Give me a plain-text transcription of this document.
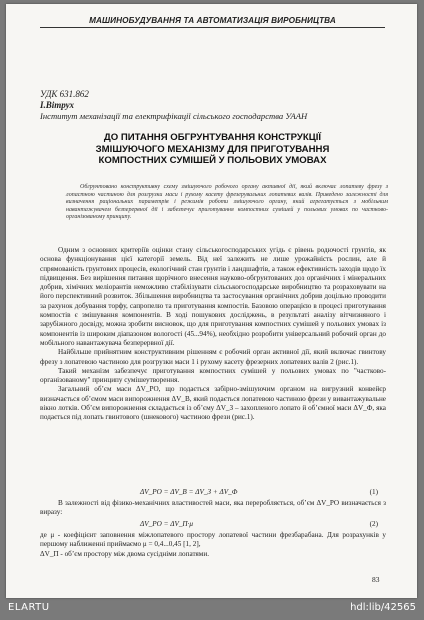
МАШИНОБУДУВАННЯ ТА АВТОМАТИЗАЦІЯ ВИРОБНИЦТВА
УДК 631.862
І.Вітрух
Інститут механізації та електрифікації сільського господарства УААН
ДО ПИТАННЯ ОБГРУНТУВАННЯ КОНСТРУКЦІЇ
ЗМІШУЮЧОГО МЕХАНІЗМУ ДЛЯ ПРИГОТУВАННЯ
КОМПОСТНИХ СУМІШЕЙ У ПОЛЬОВИХ УМОВАХ

Обгрунтовано конструктивну схему змішуючого робочого органу активної дії, який включає лопатеву фрезу з лопастною частиною для розгрузки маси і рухому касету фрезерувальних лопатевих валів. Приведено залежності для визначення раціональних параметрів і режимів роботи змішуючого органу, який агрегатується з мобільним навантажувачем безперервної дії і забезпечує приготування компостних сумішей у польових умовах по частково-організованому принципу.

Одним з основних критеріїв оцінки стану сільськогосподарських угідь є рівень родючості грунтів, як основа функціонування цієї категорії земель. Від неї залежить не лише урожайність рослин, але й спрямованість грунтових процесів, екологічний стан грунтів і ландшафтів, а також ефективність заходів щодо їх підвищення. Без вирішення питання щорічного внесення науково-обгрунтованих доз органічних і мінеральних добрив, хімічних меліорантів неможливо стабілізувати сільськогосподарське виробництво та розраховувати на його перспективний розвиток. Збільшення виробництва та застосування органічних добрив доцільно проводити за рахунок добування торфу, сапропелю та приготування компостів. Базовою операцією в процесі приготування компостів є змішування компонентів. В ході пошукових досліджень, в результаті аналізу вітчизняного і зарубіжного досвіду, можна зробити висновок, що для приготування компостних сумішей у польових умовах із компонентів із широким діапазоном вологості (45...94%), необхідно розробити універсальний робочий орган до мобільного навантажувача безперервної дії.

Найбільше прийнятним конструктивним рішенням є робочий орган активної дії, який включає гвинтову фрезу з лопатевою частиною для розгрузки маси 1 і рухому касету фрезерних лопатевих валів 2 (рис.1).

Такий механізм забезпечує приготування компостних сумішей у польових умовах по "частково-організованому" принципу сумішеутворення.

Загальний об’єм маси ΔV_PO, що подається забірно-змішуючим органом на вигрузний конвейєр визначається об’ємом маси випорожнення ΔV_B, який подається лопатевою частиною фрези у вивантажувальне вікно лотків. Об’єм випорожнення складається із об’єму ΔV_З – захопленого лопато й об’ємної маси ΔV_Ф, яка подається під лопать гвинтового (шнекового) частиною фрези (рис.1).

ΔV_PO = ΔV_B = ΔV_З + ΔV_Ф	(1)

В залежності від фізико-механічних властивостей маси, яка переробляється, об’єм ΔV_PO визначається з виразу:

ΔV_PO = ΔV_П·μ	(2)

де μ - коефіцієнт заповнення міжлопатевого простору лопатевої частини фрезбарабана. Для розрахунків у першому наближенні приймаємо μ = 0,4...0,45 [1, 2],

ΔV_П - об’єм простору між двома сусідніми лопатями.

83
ELARTU	hdl:lib/42565
